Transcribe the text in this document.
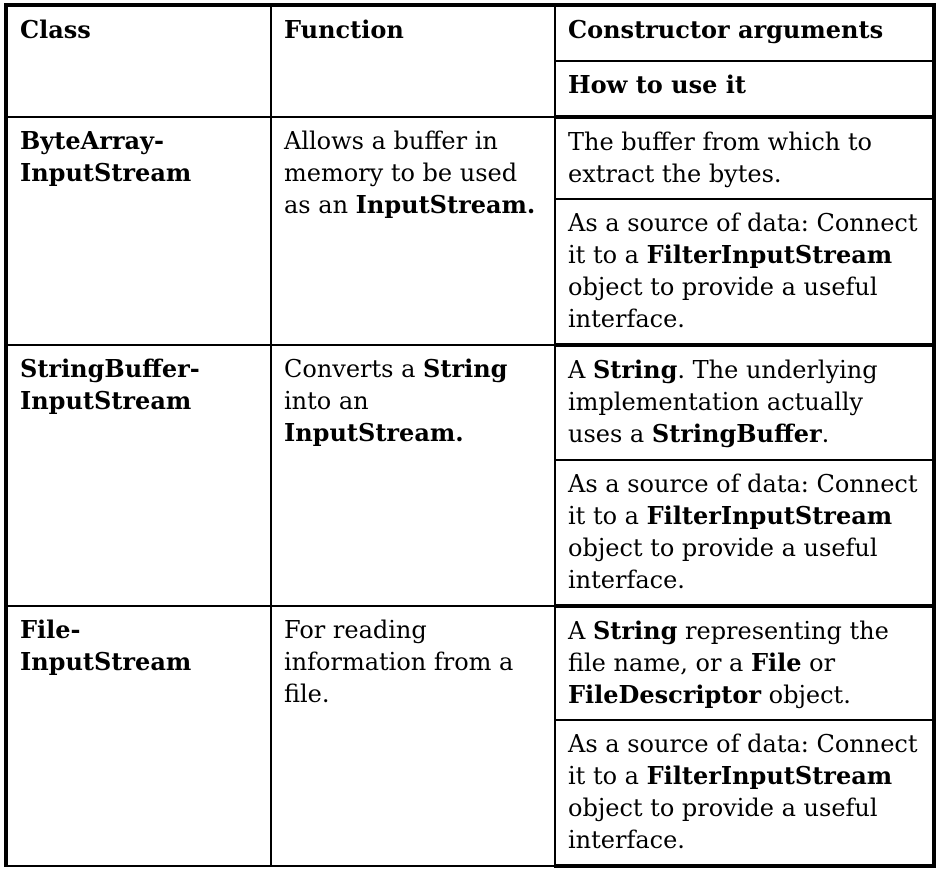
Class	Function	Constructor arguments
		How to use it
ByteArray-
InputStream	Allows a buffer in memory to be used as an InputStream.	The buffer from which to extract the bytes.
		As a source of data: Connect it to a FilterInputStream object to provide a useful interface.
StringBuffer-
InputStream	Converts a String into an InputStream.	A String. The underlying implementation actually uses a StringBuffer.
		As a source of data: Connect it to a FilterInputStream object to provide a useful interface.
File-
InputStream	For reading information from a file.	A String representing the file name, or a File or FileDescriptor object.
		As a source of data: Connect it to a FilterInputStream object to provide a useful interface.
